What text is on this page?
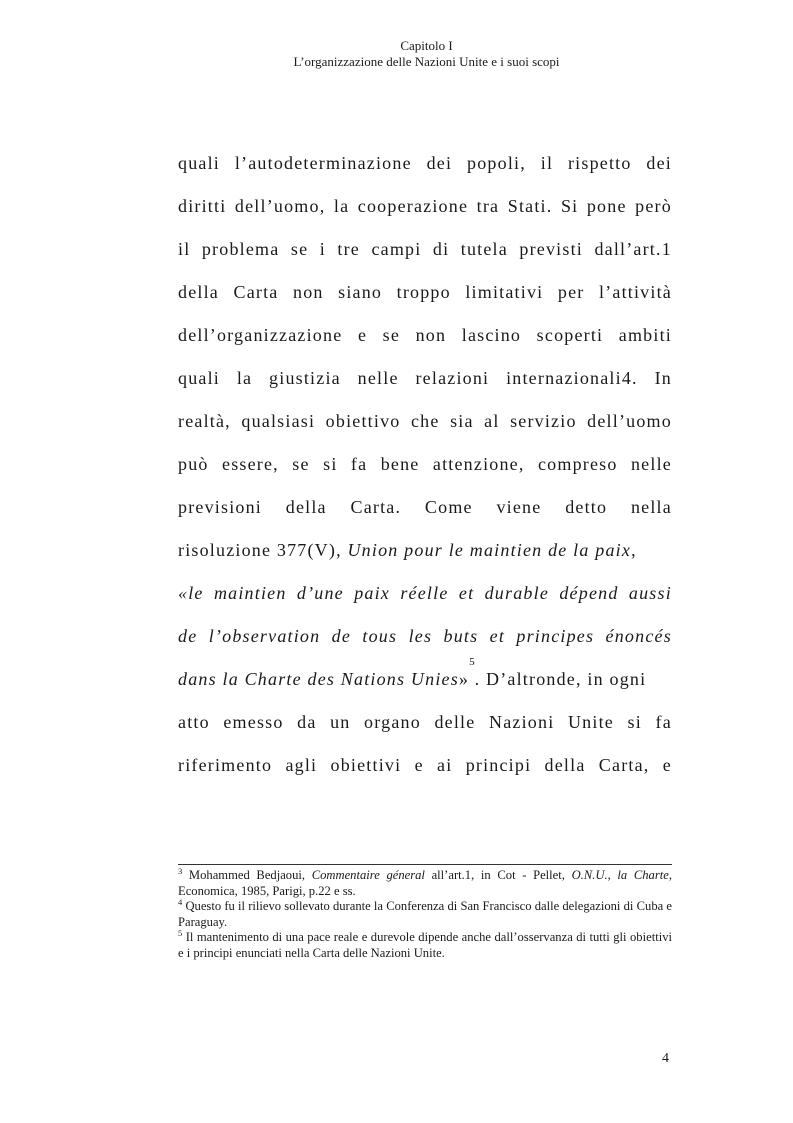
Capitolo I
L’organizzazione delle Nazioni Unite e i suoi scopi
quali l’autodeterminazione dei popoli, il rispetto dei
diritti dell’uomo, la cooperazione tra Stati. Si pone però
il problema se i tre campi di tutela previsti dall’art.1
della Carta non siano troppo limitativi per l’attività
dell’organizzazione e se non lascino scoperti ambiti
quali la giustizia nelle relazioni internazionali4. In
realtà, qualsiasi obiettivo che sia al servizio dell’uomo
può essere, se si fa bene attenzione, compreso nelle
previsioni della Carta. Come viene detto nella
risoluzione 377(V),
Union pour le maintien de la paix ,
«le maintien d’une paix réelle et durable dépend aussi
de l’observation de tous les buts et principes énoncés
dans la Charte des Nations Unies »
5
. D’altronde, in ogni
atto emesso da un organo delle Nazioni Unite si fa
riferimento agli obiettivi e ai principi della Carta, e

$^3$ Mohammed Bedjaoui, Commentaire géneral all’art.1, in Cot - Pellet, O.N.U., la Charte, Economica, 1985, Parigi, p.22 e ss.

$^4$ Questo fu il rilievo sollevato durante la Conferenza di San Francisco dalle delegazioni di Cuba e Paraguay.

$^5$ Il mantenimento di una pace reale e durevole dipende anche dall’osservanza di tutti gli obiettivi e i principi enunciati nella Carta delle Nazioni Unite.

4
